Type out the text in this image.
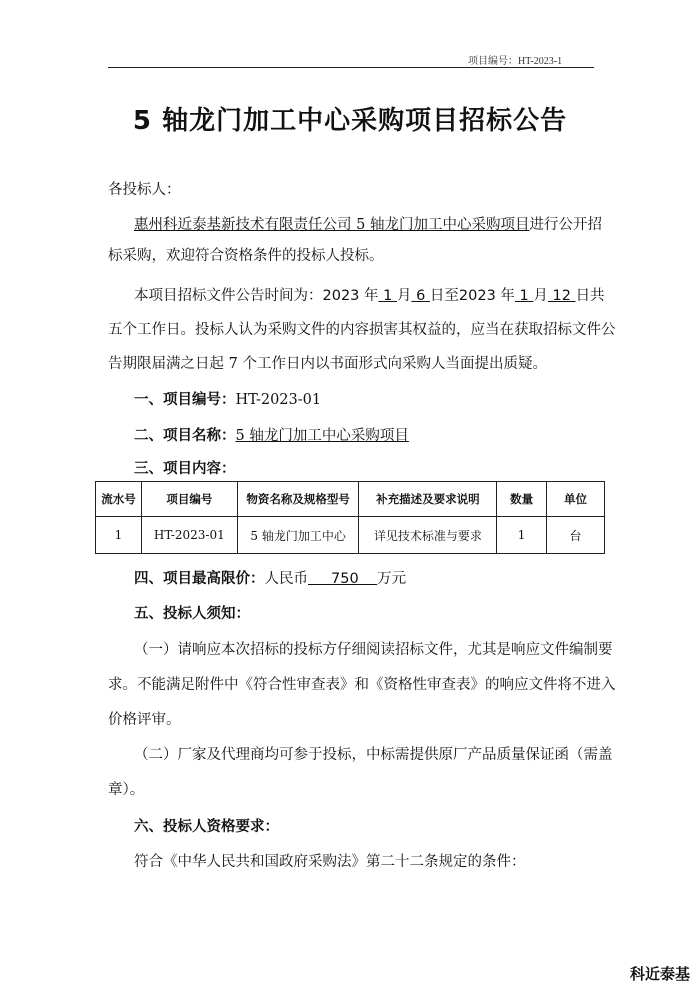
项目编号：HT-2023-1
5 轴龙门加工中心采购项目招标公告
各投标人：
惠州科近泰基新技术有限责任公司 5 轴龙门加工中心采购项目进行公开招
标采购，欢迎符合资格条件的投标人投标。
本项目招标文件公告时间为：2023 年 1 月 6 日至2023 年 1 月 12 日共
五个工作日。投标人认为采购文件的内容损害其权益的，应当在获取招标文件公
告期限届满之日起 7 个工作日内以书面形式向采购人当面提出质疑。
一、项目编号：HT-2023-01
二、项目名称：5 轴龙门加工中心采购项目
三、项目内容：
流水号	项目编号	物资名称及规格型号	补充描述及要求说明	数量	单位
1	HT-2023-01	5 轴龙门加工中心	详见技术标准与要求	1	台
四、项目最高限价：人民币 750 万元
五、投标人须知：
（一）请响应本次招标的投标方仔细阅读招标文件，尤其是响应文件编制要
求。不能满足附件中《符合性审查表》和《资格性审查表》的响应文件将不进入
价格评审。
（二）厂家及代理商均可参于投标，中标需提供原厂产品质量保证函（需盖
章）。
六、投标人资格要求：
符合《中华人民共和国政府采购法》第二十二条规定的条件：
科近泰基
